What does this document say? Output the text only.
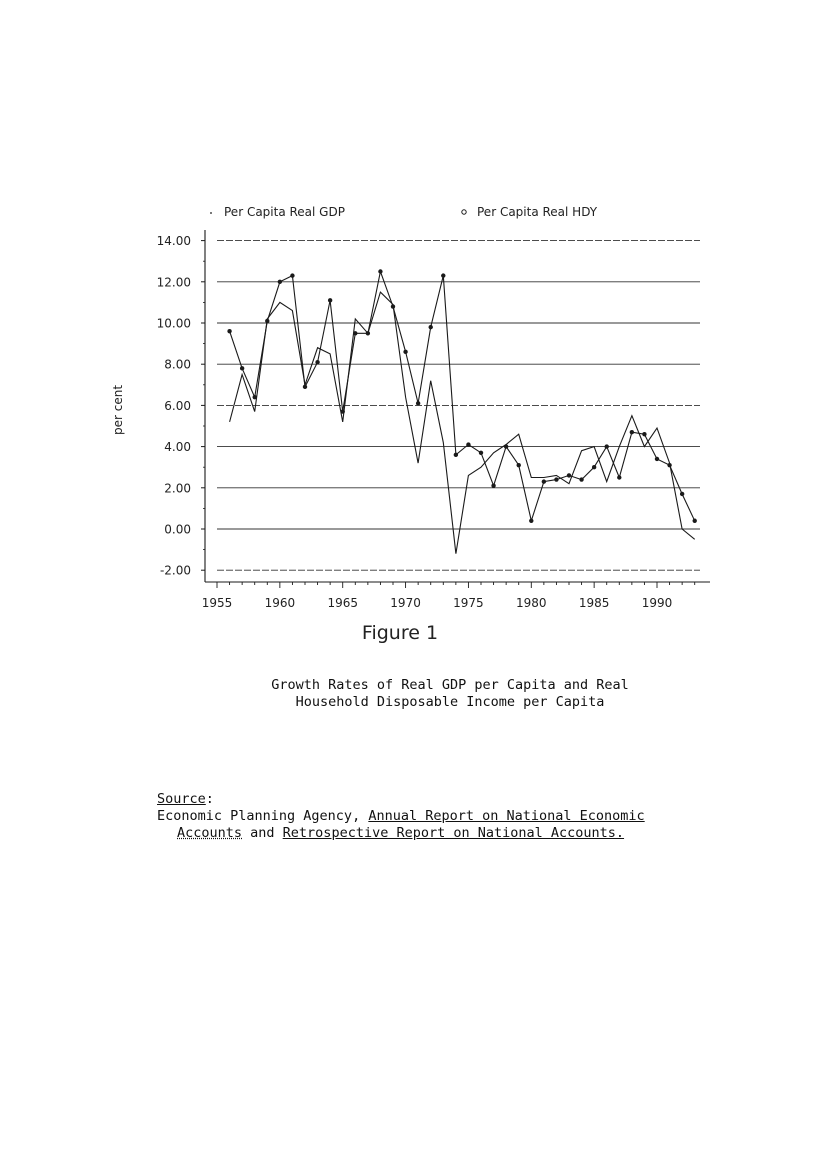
-2.00
0.00
2.00
4.00
6.00
8.00
10.00
12.00
14.00
1955	1960	1965	1970	1975	1980	1985	1990
Per Capita Real GDP	Per Capita Real HDY
per cent
Figure 1
Growth Rates of Real GDP per Capita and Real
Household Disposable Income per Capita
Source:
Economic Planning Agency, Annual Report on National Economic
Accounts and Retrospective Report on National Accounts.
